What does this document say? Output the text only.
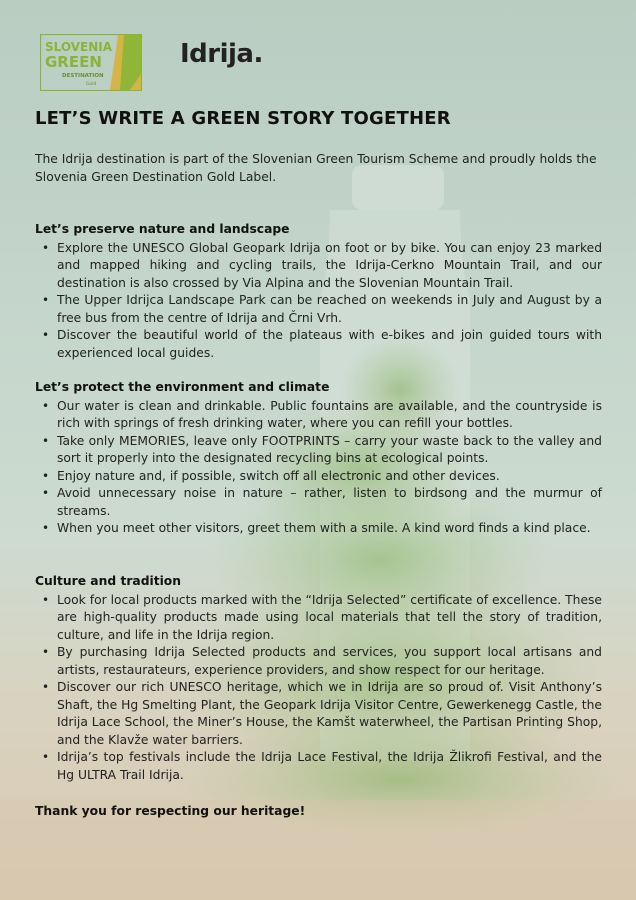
SLOVENIA
GREEN
DESTINATION
Gold
Idrija.
LET’S WRITE A GREEN STORY TOGETHER

The Idrija destination is part of the Slovenian Green Tourism Scheme and proudly holds the Slovenia Green Destination Gold Label.

Let’s preserve nature and landscape
• Explore the UNESCO Global Geopark Idrija on foot or by bike. You can enjoy 23 marked and mapped hiking and cycling trails, the Idrija-Cerkno Mountain Trail, and our destination is also crossed by Via Alpina and the Slovenian Mountain Trail.
• The Upper Idrijca Landscape Park can be reached on weekends in July and August by a free bus from the centre of Idrija and Črni Vrh.
• Discover the beautiful world of the plateaus with e-bikes and join guided tours with experienced local guides.
Let’s protect the environment and climate
• Our water is clean and drinkable. Public fountains are available, and the countryside is rich with springs of fresh drinking water, where you can refill your bottles.
• Take only MEMORIES, leave only FOOTPRINTS – carry your waste back to the valley and sort it properly into the designated recycling bins at ecological points.
• Enjoy nature and, if possible, switch off all electronic and other devices.
• Avoid unnecessary noise in nature – rather, listen to birdsong and the murmur of streams.
• When you meet other visitors, greet them with a smile. A kind word finds a kind place.
Culture and tradition
• Look for local products marked with the “Idrija Selected” certificate of excellence. These are high-quality products made using local materials that tell the story of tradition, culture, and life in the Idrija region.
• By purchasing Idrija Selected products and services, you support local artisans and artists, restaurateurs, experience providers, and show respect for our heritage.
• Discover our rich UNESCO heritage, which we in Idrija are so proud of. Visit Anthony’s Shaft, the Hg Smelting Plant, the Geopark Idrija Visitor Centre, Gewerkenegg Castle, the Idrija Lace School, the Miner’s House, the Kamšt waterwheel, the Partisan Printing Shop, and the Klavže water barriers.
• Idrija’s top festivals include the Idrija Lace Festival, the Idrija Žlikrofi Festival, and the Hg ULTRA Trail Idrija.

Thank you for respecting our heritage!
